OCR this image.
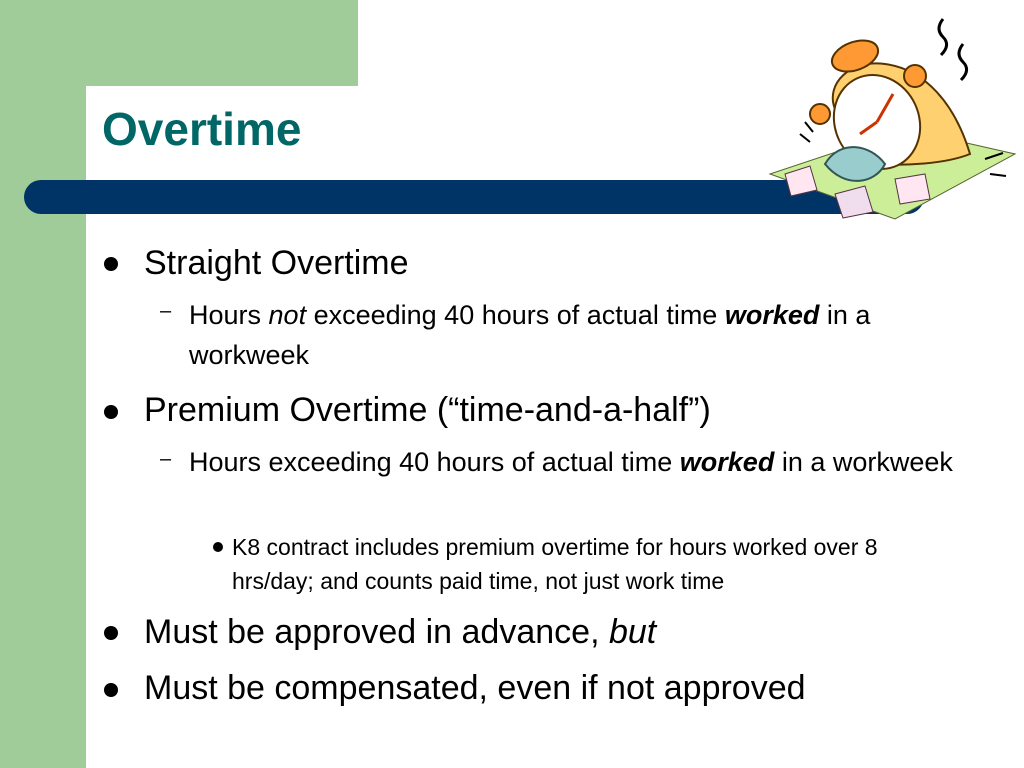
Overtime
Straight Overtime
– Hours not exceeding 40 hours of actual time worked in a workweek
Premium Overtime (“time-and-a-half”)
– Hours exceeding 40 hours of actual time worked in a workweek
K8 contract includes premium overtime for hours worked over 8 hrs/day; and counts paid time, not just work time
Must be approved in advance, but
Must be compensated, even if not approved
